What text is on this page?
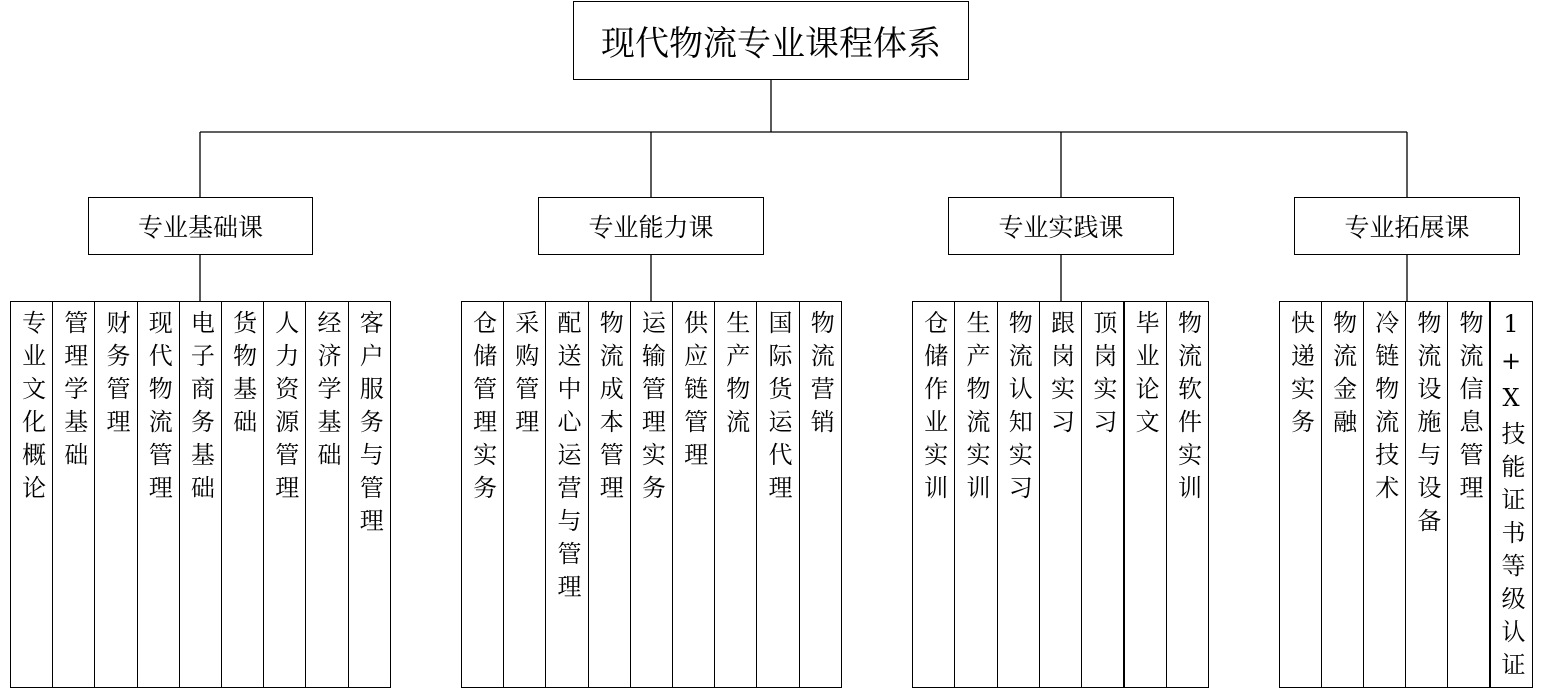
现代物流专业课程体系
专业基础课	专业能力课	专业实践课	专业拓展课
专业文化概论 管理学基础 财务管理 现代物流管理 电子商务基础 货物基础 人力资源管理 经济学基础 客户服务与管理	仓储管理实务 采购管理 配送中心运营与管理 物流成本管理 运输管理实务 供应链管理 生产物流 国际货运代理 物流营销	仓储作业实训 生产物流实训 物流认知实习 跟岗实习 顶岗实习 毕业论文 物流软件实训	快递实务 物流金融 冷链物流技术 物流设施与设备 物流信息管理 1+X技能证书等级认证
